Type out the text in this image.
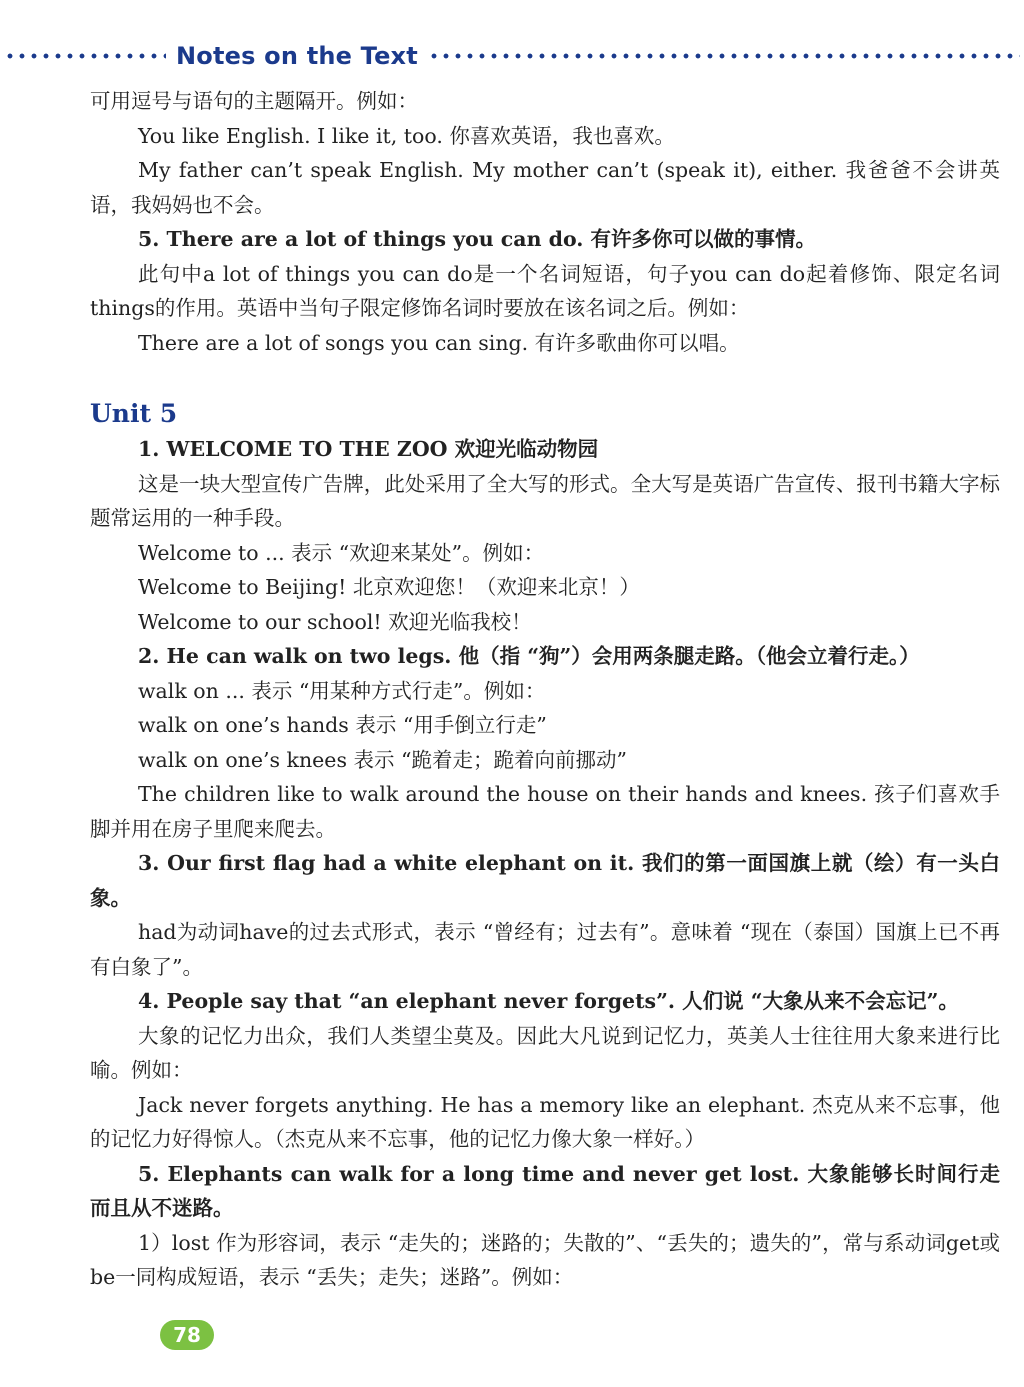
Notes on the Text

可用逗号与语句的主题隔开。例如：

You like English. I like it, too. 你喜欢英语，我也喜欢。

My father can’t speak English. My mother can’t (speak it), either. 我爸爸不会讲英语，我妈妈也不会。

5. There are a lot of things you can do. 有许多你可以做的事情。

此句中a lot of things you can do是一个名词短语，句子you can do起着修饰、限定名词things的作用。英语中当句子限定修饰名词时要放在该名词之后。例如：

There are a lot of songs you can sing. 有许多歌曲你可以唱。

Unit 5

1. WELCOME TO THE ZOO 欢迎光临动物园

这是一块大型宣传广告牌，此处采用了全大写的形式。全大写是英语广告宣传、报刊书籍大字标题常运用的一种手段。

Welcome to ... 表示 “欢迎来某处”。例如：

Welcome to Beijing! 北京欢迎您！（欢迎来北京！）

Welcome to our school! 欢迎光临我校！

2. He can walk on two legs. 他（指 “狗”）会用两条腿走路。（他会立着行走。）

walk on ... 表示 “用某种方式行走”。例如：

walk on one’s hands 表示 “用手倒立行走”

walk on one’s knees 表示 “跪着走；跪着向前挪动”

The children like to walk around the house on their hands and knees. 孩子们喜欢手脚并用在房子里爬来爬去。

3. Our first flag had a white elephant on it. 我们的第一面国旗上就（绘）有一头白象。

had为动词have的过去式形式，表示 “曾经有；过去有”。意味着 “现在（泰国）国旗上已不再有白象了”。

4. People say that “an elephant never forgets”. 人们说 “大象从来不会忘记”。

大象的记忆力出众，我们人类望尘莫及。因此大凡说到记忆力，英美人士往往用大象来进行比喻。例如：

Jack never forgets anything. He has a memory like an elephant. 杰克从来不忘事，他的记忆力好得惊人。（杰克从来不忘事，他的记忆力像大象一样好。）

5. Elephants can walk for a long time and never get lost. 大象能够长时间行走而且从不迷路。

1）lost 作为形容词，表示 “走失的；迷路的；失散的”、“丢失的；遗失的”，常与系动词get或be一同构成短语，表示 “丢失；走失；迷路”。例如：

78
